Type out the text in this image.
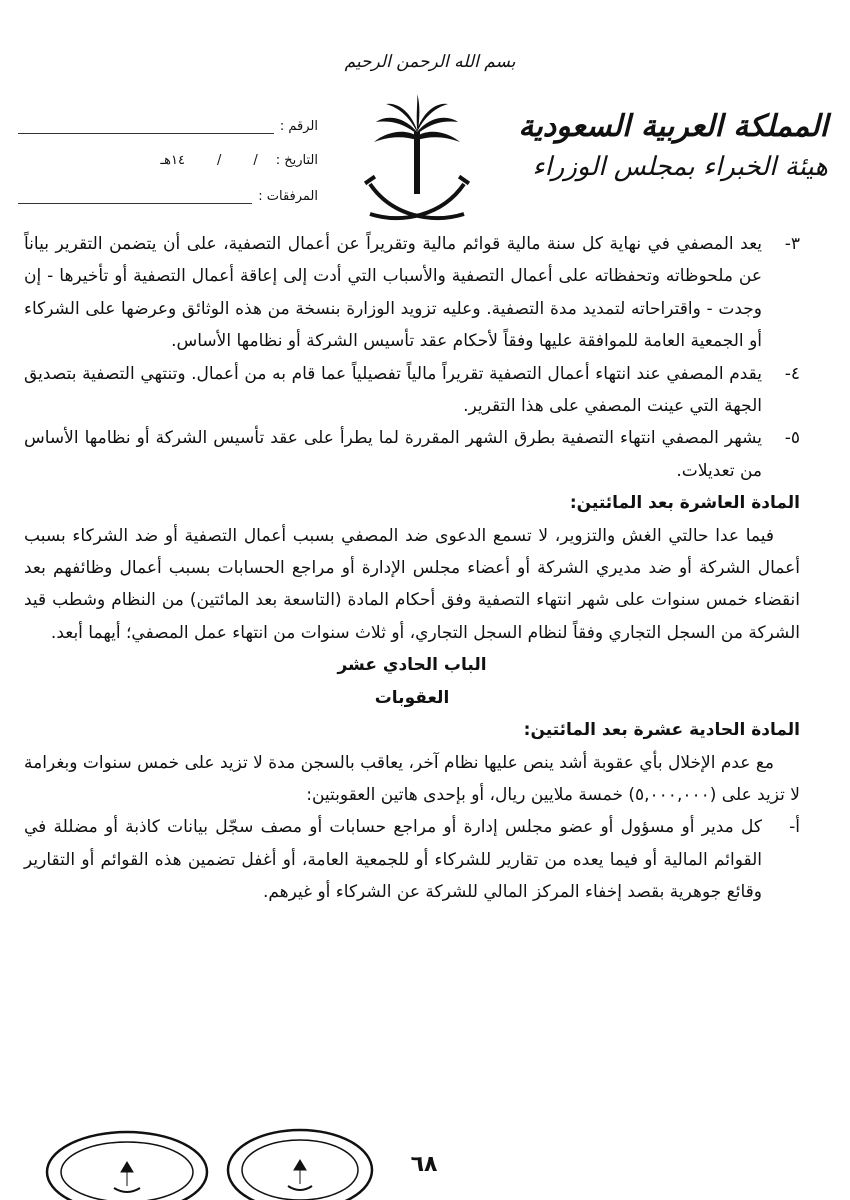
بسم الله الرحمن الرحيم
المملكة العربية السعودية
هيئة الخبراء بمجلس الوزراء
الرقم :
التاريخ :
/
/
١٤هـ
المرفقات :
٣-
يعد المصفي في نهاية كل سنة مالية قوائم مالية وتقريراً عن أعمال التصفية، على أن يتضمن التقرير بياناً عن ملحوظاته وتحفظاته على أعمال التصفية والأسباب التي أدت إلى إعاقة أعمال التصفية أو تأخيرها - إن وجدت - واقتراحاته لتمديد مدة التصفية. وعليه تزويد الوزارة بنسخة من هذه الوثائق وعرضها على الشركاء أو الجمعية العامة للموافقة عليها وفقاً لأحكام عقد تأسيس الشركة أو نظامها الأساس.
٤-
يقدم المصفي عند انتهاء أعمال التصفية تقريراً مالياً تفصيلياً عما قام به من أعمال. وتنتهي التصفية بتصديق الجهة التي عينت المصفي على هذا التقرير.
٥-
يشهر المصفي انتهاء التصفية بطرق الشهر المقررة لما يطرأ على عقد تأسيس الشركة أو نظامها الأساس من تعديلات.

المادة العاشرة بعد المائتين:

فيما عدا حالتي الغش والتزوير، لا تسمع الدعوى ضد المصفي بسبب أعمال التصفية أو ضد الشركاء بسبب أعمال الشركة أو ضد مديري الشركة أو أعضاء مجلس الإدارة أو مراجع الحسابات بسبب أعمال وظائفهم بعد انقضاء خمس سنوات على شهر انتهاء التصفية وفق أحكام المادة (التاسعة بعد المائتين) من النظام وشطب قيد الشركة من السجل التجاري وفقاً لنظام السجل التجاري، أو ثلاث سنوات من انتهاء عمل المصفي؛ أيهما أبعد.

الباب الحادي عشر

العقوبات

المادة الحادية عشرة بعد المائتين:

مع عدم الإخلال بأي عقوبة أشد ينص عليها نظام آخر، يعاقب بالسجن مدة لا تزيد على خمس سنوات وبغرامة لا تزيد على (٥,٠٠٠,٠٠٠) خمسة ملايين ريال، أو بإحدى هاتين العقوبتين:

أ-
كل مدير أو مسؤول أو عضو مجلس إدارة أو مراجع حسابات أو مصف سجّل بيانات كاذبة أو مضللة في القوائم المالية أو فيما يعده من تقارير للشركاء أو للجمعية العامة، أو أغفل تضمين هذه القوائم أو التقارير وقائع جوهرية بقصد إخفاء المركز المالي للشركة عن الشركاء أو غيرهم.
٦٨
